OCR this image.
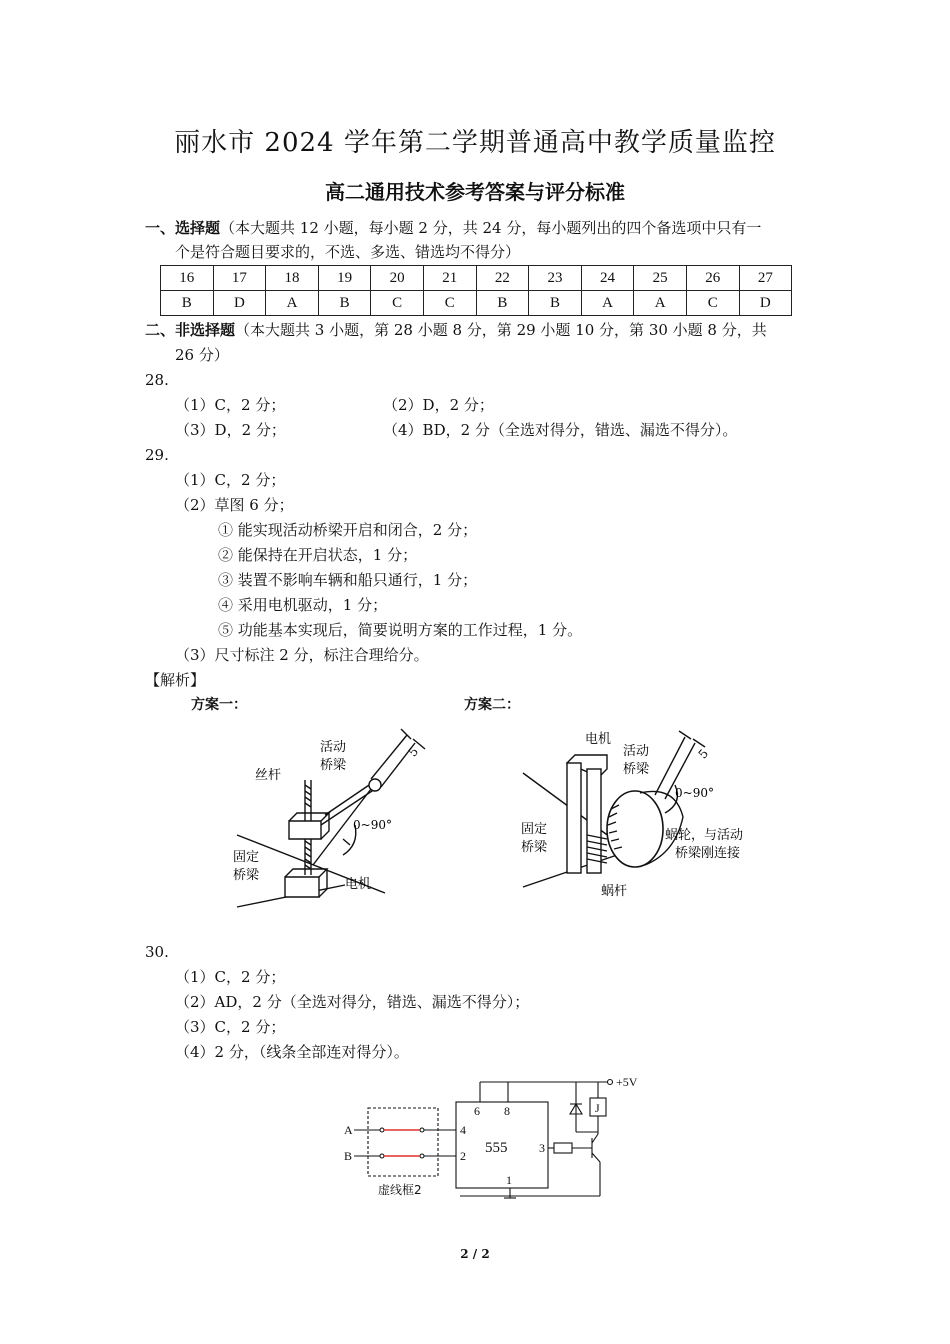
丽水市 2024 学年第二学期普通高中教学质量监控
高二通用技术参考答案与评分标准
一、选择题（本大题共 12 小题，每小题 2 分，共 24 分，每小题列出的四个备选项中只有一
个是符合题目要求的，不选、多选、错选均不得分）
16	17	18	19	20	21	22	23	24	25	26	27
B	D	A	B	C	C	B	B	A	A	C	D
二、非选择题（本大题共 3 小题，第 28 小题 8 分，第 29 小题 10 分，第 30 小题 8 分，共
26 分）
28.
（1）C，2 分；	（2）D，2 分；
（3）D，2 分；	（4）BD，2 分（全选对得分，错选、漏选不得分）。
29.
（1）C，2 分；
（2）草图 6 分；
① 能实现活动桥梁开启和闭合，2 分；
② 能保持在开启状态，1 分；
③ 装置不影响车辆和船只通行，1 分；
④ 采用电机驱动，1 分；
⑤ 功能基本实现后，简要说明方案的工作过程，1 分。
（3）尺寸标注 2 分，标注合理给分。
【解析】
方案一：	方案二：
活动
桥梁
丝杆
0~90°
固定
桥梁
电机
5
电机
活动
桥梁
5
0~90°
固定
桥梁
蜗轮，与活动
桥梁刚连接
蜗杆
30.
（1）C，2 分；
（2）AD，2 分（全选对得分，错选、漏选不得分）；
（3）C，2 分；
（4）2 分，（线条全部连对得分）。
+5V
555
6 8
4
2
3
1
J
A
B
虚线框2
2 / 2
